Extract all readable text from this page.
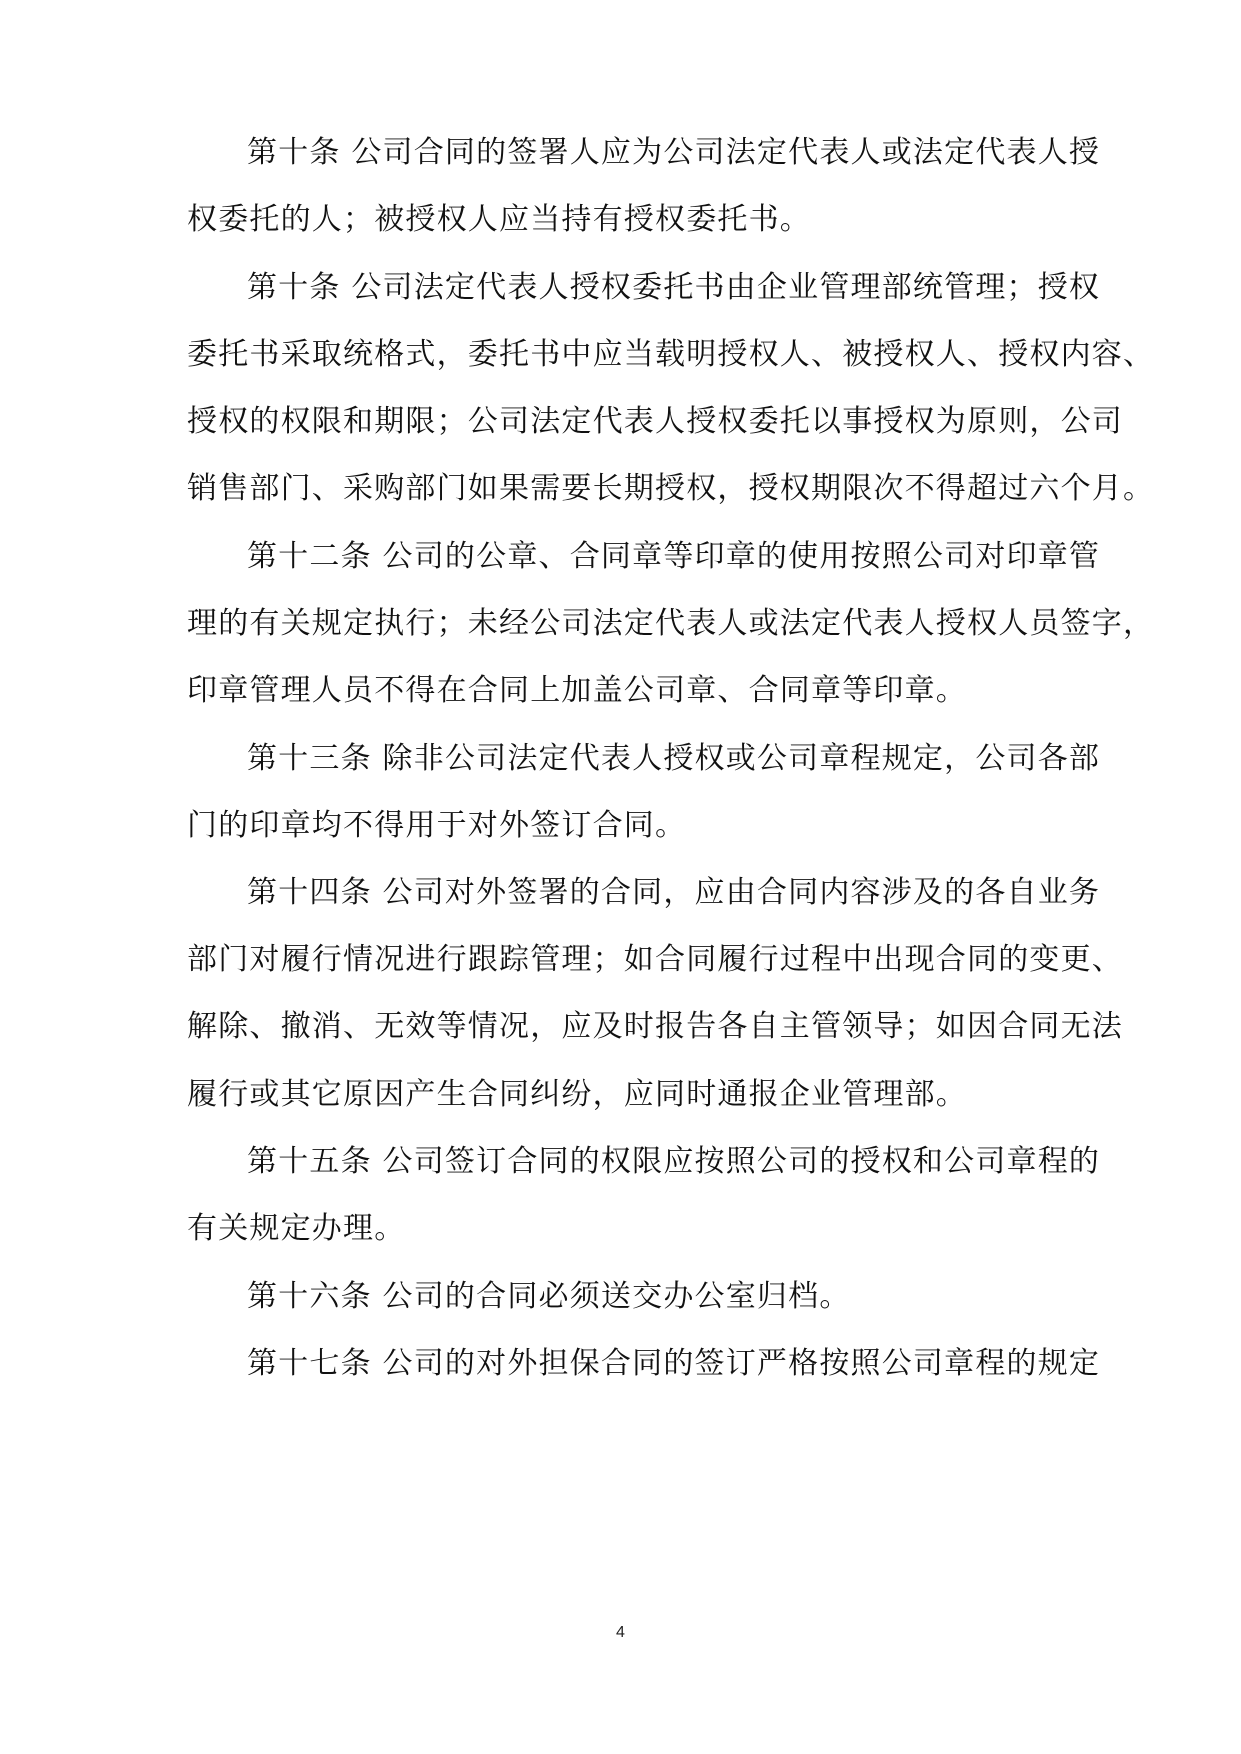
第十条 公司合同的签署人应为公司法定代表人或法定代表人授
权委托的人；被授权人应当持有授权委托书。
第十条 公司法定代表人授权委托书由企业管理部统管理；授权
委托书采取统格式，委托书中应当载明授权人、被授权人、授权内容、
授权的权限和期限；公司法定代表人授权委托以事授权为原则，公司
销售部门、采购部门如果需要长期授权，授权期限次不得超过六个月。
第十二条 公司的公章、合同章等印章的使用按照公司对印章管
理的有关规定执行；未经公司法定代表人或法定代表人授权人员签字，
印章管理人员不得在合同上加盖公司章、合同章等印章。
第十三条 除非公司法定代表人授权或公司章程规定，公司各部
门的印章均不得用于对外签订合同。
第十四条 公司对外签署的合同，应由合同内容涉及的各自业务
部门对履行情况进行跟踪管理；如合同履行过程中出现合同的变更、
解除、撤消、无效等情况，应及时报告各自主管领导；如因合同无法
履行或其它原因产生合同纠纷，应同时通报企业管理部。
第十五条 公司签订合同的权限应按照公司的授权和公司章程的
有关规定办理。
第十六条 公司的合同必须送交办公室归档。
第十七条 公司的对外担保合同的签订严格按照公司章程的规定
4
